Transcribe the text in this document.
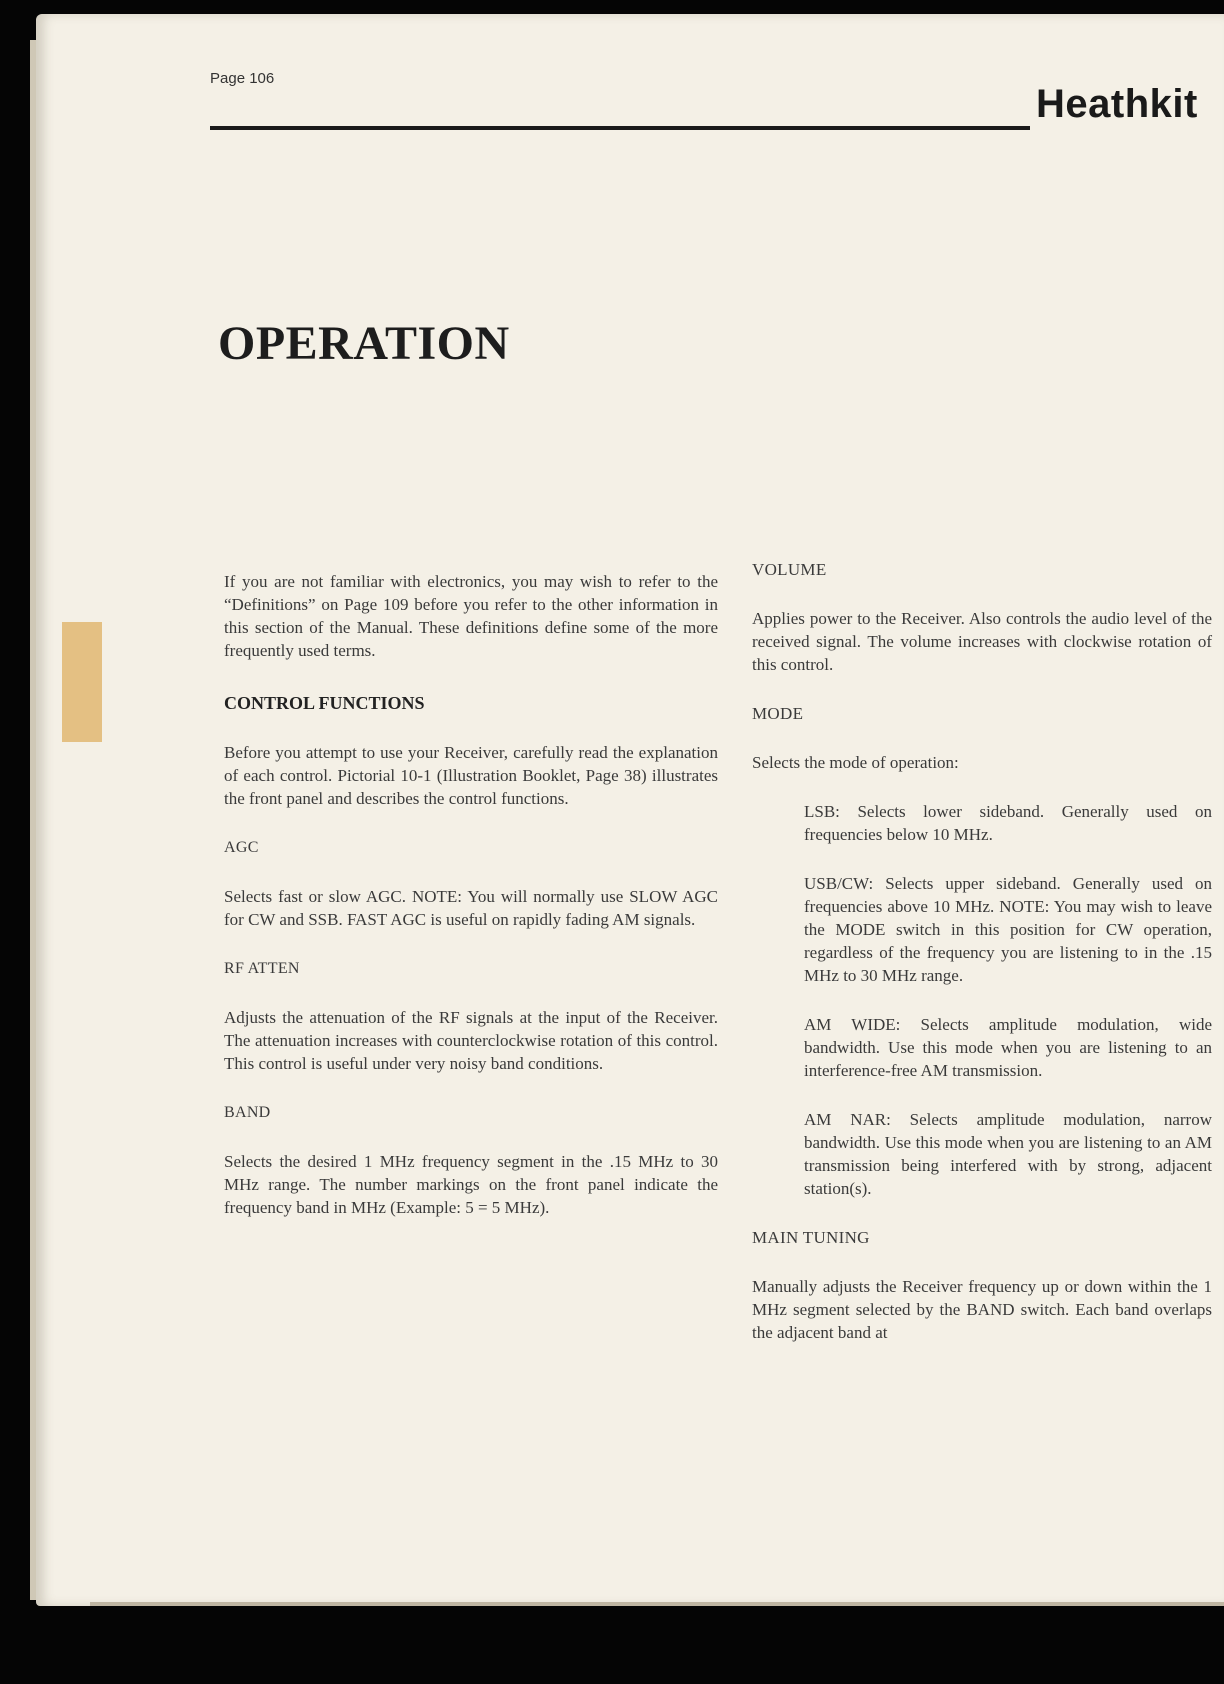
Page 106
Heathkit
OPERATION

If you are not familiar with electronics, you may wish to refer to the “Definitions” on Page 109 before you refer to the other information in this section of the Manual. These definitions define some of the more frequently used terms.

CONTROL FUNCTIONS

Before you attempt to use your Receiver, carefully read the explanation of each control. Pictorial 10-1 (Illustration Booklet, Page 38) illustrates the front panel and describes the control functions.

AGC

Selects fast or slow AGC. NOTE: You will normally use SLOW AGC for CW and SSB. FAST AGC is useful on rapidly fading AM signals.

RF ATTEN

Adjusts the attenuation of the RF signals at the input of the Receiver. The attenuation increases with counterclockwise rotation of this control. This control is useful under very noisy band conditions.

BAND

Selects the desired 1 MHz frequency segment in the .15 MHz to 30 MHz range. The number markings on the front panel indicate the frequency band in MHz (Example: 5 = 5 MHz).

VOLUME

Applies power to the Receiver. Also controls the audio level of the received signal. The volume increases with clockwise rotation of this control.

MODE

Selects the mode of operation:

LSB: Selects lower sideband. Generally used on frequencies below 10 MHz.

USB/CW: Selects upper sideband. Generally used on frequencies above 10 MHz. NOTE: You may wish to leave the MODE switch in this position for CW operation, regardless of the frequency you are listening to in the .15 MHz to 30 MHz range.

AM WIDE: Selects amplitude modulation, wide bandwidth. Use this mode when you are listening to an interference-free AM transmission.

AM NAR: Selects amplitude modulation, narrow bandwidth. Use this mode when you are listening to an AM transmission being interfered with by strong, adjacent station(s).

MAIN TUNING

Manually adjusts the Receiver frequency up or down within the 1 MHz segment selected by the BAND switch. Each band overlaps the adjacent band at
